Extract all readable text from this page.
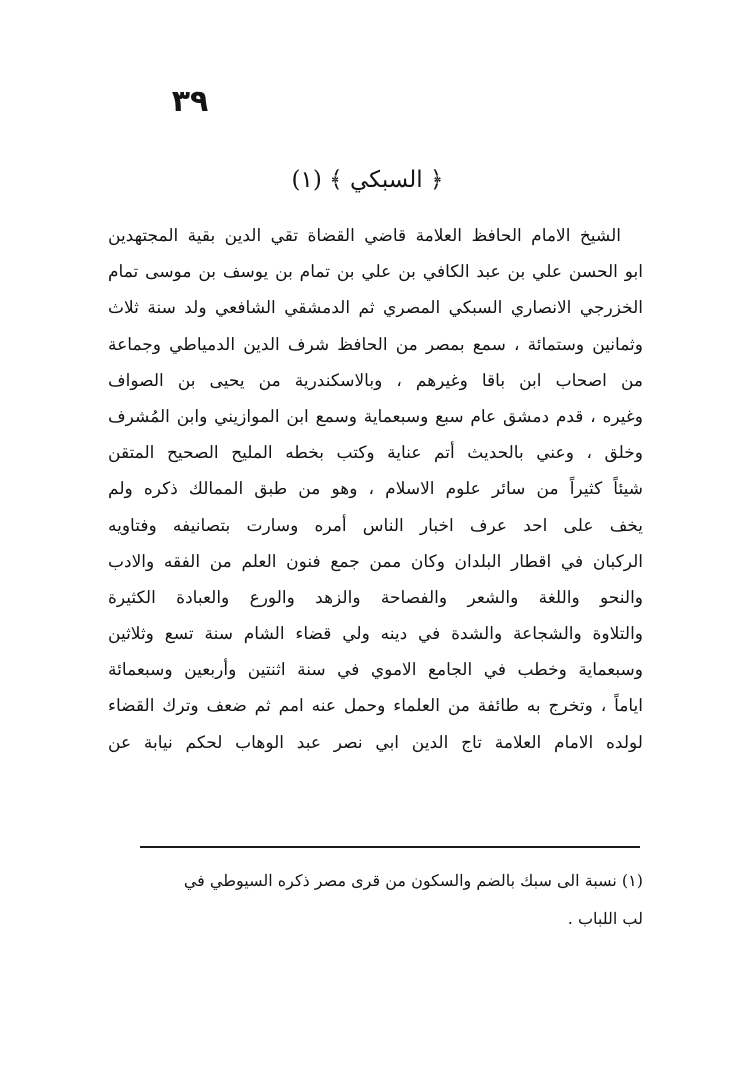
٣٩
﴿ السبكي ﴾ (١)
الشيخ الامام الحافظ العلامة قاضي القضاة تقي الدين بقية المجتهدين
ابو الحسن علي بن عبد الكافي بن علي بن تمام بن يوسف بن موسى تمام
الخزرجي الانصاري السبكي المصري ثم الدمشقي الشافعي ولد سنة ثلاث
وثمانين وستمائة ، سمع بمصر من الحافظ شرف الدين الدمياطي وجماعة
من اصحاب ابن باقا وغيرهم ، وبالاسكندرية من يحيى بن الصواف
وغيره ، قدم دمشق عام سبع وسبعماية وسمع ابن الموازيني وابن المُشرف
وخلق ، وعني بالحديث أتم عناية وكتب بخطه المليح الصحيح المتقن
شيئاً كثيراً من سائر علوم الاسلام ، وهو من طبق الممالك ذكره ولم
يخف على احد عرف اخبار الناس أمره وسارت بتصانيفه وفتاويه
الركبان في اقطار البلدان وكان ممن جمع فنون العلم من الفقه والادب
والنحو واللغة والشعر والفصاحة والزهد والورع والعبادة الكثيرة
والتلاوة والشجاعة والشدة في دينه ولي قضاء الشام سنة تسع وثلاثين
وسبعماية وخطب في الجامع الاموي في سنة اثنتين وأربعين وسبعمائة
اياماً ، وتخرج به طائفة من العلماء وحمل عنه امم ثم ضعف وترك القضاء
لولده الامام العلامة تاج الدين ابي نصر عبد الوهاب لحكم نيابة عن
(١) نسبة الى سبك بالضم والسكون من قرى مصر ذكره السيوطي في
لب اللباب .
